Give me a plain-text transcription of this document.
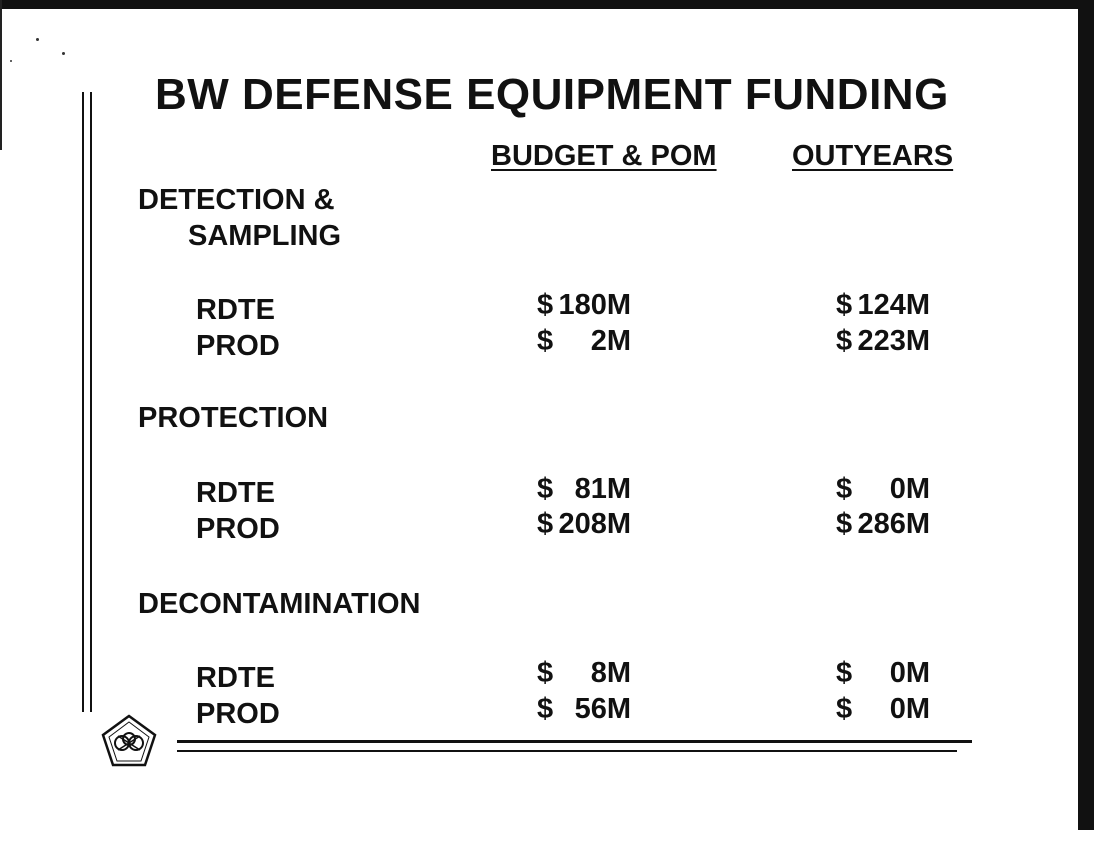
BW DEFENSE EQUIPMENT FUNDING
BUDGET & POM	OUTYEARS
DETECTION &
SAMPLING
RDTE	$ 180M	$ 124M
PROD	$ 2M	$ 223M
PROTECTION
RDTE	$ 81M	$ 0M
PROD	$ 208M	$ 286M
DECONTAMINATION
RDTE	$ 8M	$ 0M
PROD	$ 56M	$ 0M
